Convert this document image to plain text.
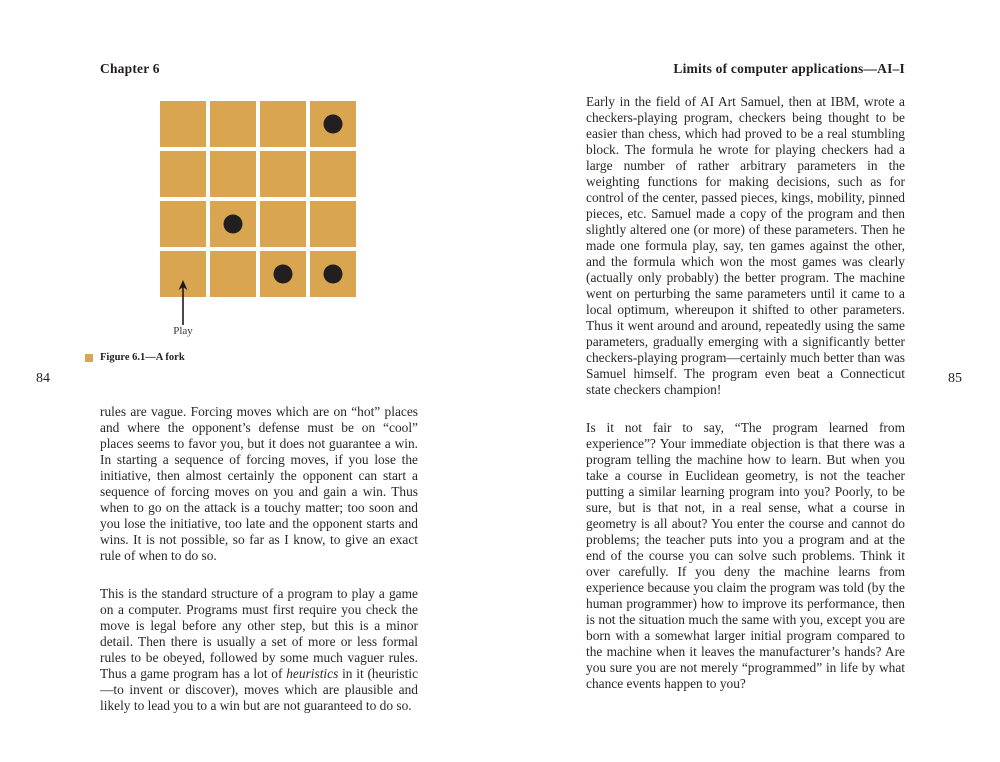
Chapter 6	Limits of computer applications—AI–I
Play
Figure 6.1—A fork
84	85

rules are vague. Forcing moves which are on “hot” places and where the opponent’s defense must be on “cool” places seems to favor you, but it does not guarantee a win. In starting a sequence of forcing moves, if you lose the initiative, then almost certainly the opponent can start a sequence of forcing moves on you and gain a win. Thus when to go on the attack is a touchy matter; too soon and you lose the initiative, too late and the opponent starts and wins. It is not possible, so far as I know, to give an exact rule of when to do so.

This is the standard structure of a program to play a game on a computer. Programs must first require you check the move is legal before any other step, but this is a minor detail. Then there is usually a set of more or less formal rules to be obeyed, followed by some much vaguer rules. Thus a game program has a lot of heuristics in it (heuristic—to invent or discover), moves which are plausible and likely to lead you to a win but are not guaranteed to do so.

Early in the field of AI Art Samuel, then at IBM, wrote a checkers-playing program, checkers being thought to be easier than chess, which had proved to be a real stumbling block. The formula he wrote for playing checkers had a large number of rather arbitrary parameters in the weighting functions for making decisions, such as for control of the center, passed pieces, kings, mobility, pinned pieces, etc. Samuel made a copy of the program and then slightly altered one (or more) of these parameters. Then he made one formula play, say, ten games against the other, and the formula which won the most games was clearly (actually only probably) the better program. The machine went on perturbing the same parameters until it came to a local optimum, whereupon it shifted to other parameters. Thus it went around and around, repeatedly using the same parameters, gradually emerging with a significantly better checkers-playing program—certainly much better than was Samuel himself. The program even beat a Connecticut state checkers champion!

Is it not fair to say, “The program learned from experience”? Your immediate objection is that there was a program telling the machine how to learn. But when you take a course in Euclidean geometry, is not the teacher putting a similar learning program into you? Poorly, to be sure, but is that not, in a real sense, what a course in geometry is all about? You enter the course and cannot do problems; the teacher puts into you a program and at the end of the course you can solve such problems. Think it over carefully. If you deny the machine learns from experience because you claim the program was told (by the human programmer) how to improve its performance, then is not the situation much the same with you, except you are born with a somewhat larger initial program compared to the machine when it leaves the manufacturer’s hands? Are you sure you are not merely “programmed” in life by what chance events happen to you?
